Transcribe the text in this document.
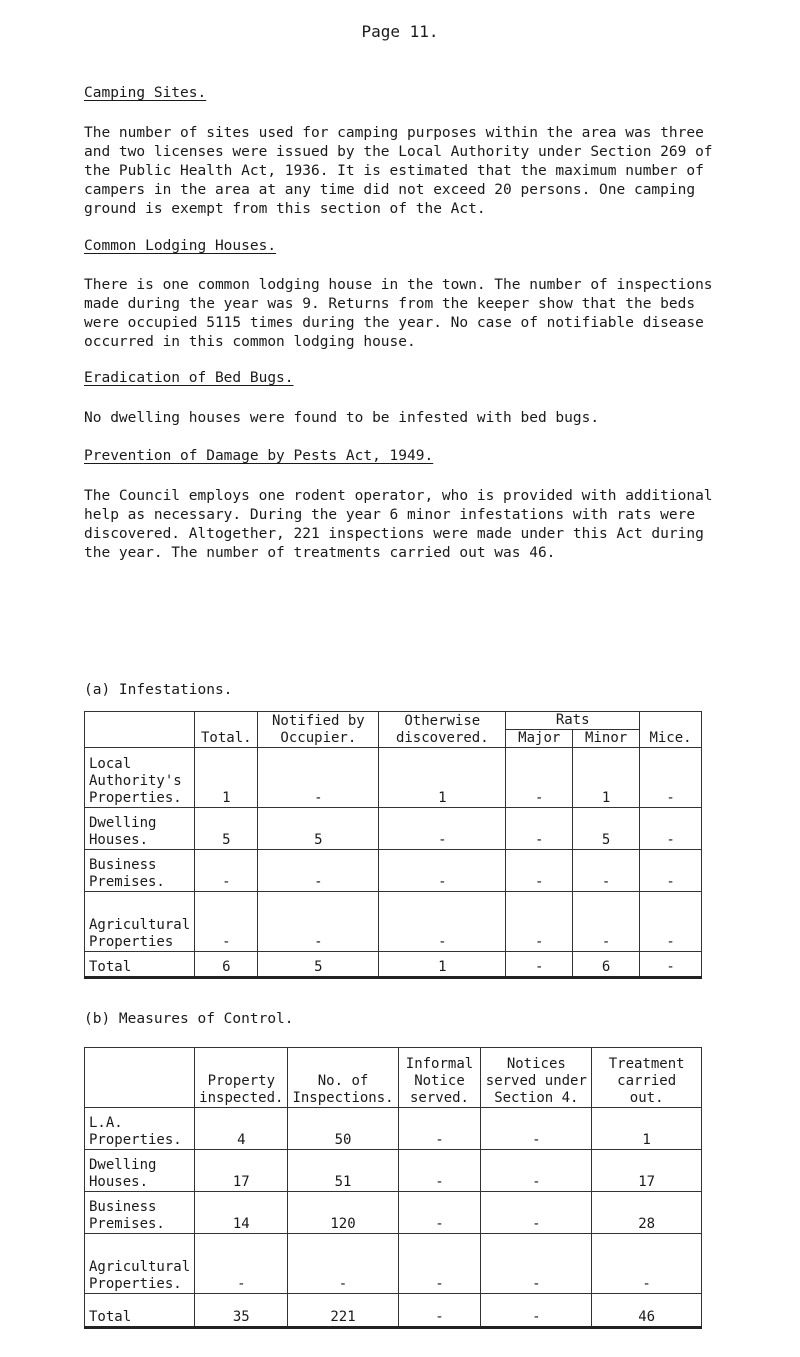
Page 11.
Camping Sites.

The number of sites used for camping purposes within the area was three and two licenses were issued by the Local Authority under Section 269 of the Public Health Act, 1936. It is estimated that the maximum number of campers in the area at any time did not exceed 20 persons. One camping ground is exempt from this section of the Act.

Common Lodging Houses.

There is one common lodging house in the town. The number of inspections made during the year was 9. Returns from the keeper show that the beds were occupied 5115 times during the year. No case of notifiable disease occurred in this common lodging house.

Eradication of Bed Bugs.

No dwelling houses were found to be infested with bed bugs.

Prevention of Damage by Pests Act, 1949.

The Council employs one rodent operator, who is provided with additional help as necessary. During the year 6 minor infestations with rats were discovered. Altogether, 221 inspections were made under this Act during the year. The number of treatments carried out was 46.

(a) Infestations.
	Total.	Notified by Occupier.	Otherwise discovered.	Rats		Mice.
				Major	Minor	
Local Authority's Properties.	1	-	1	-	1	-
Dwelling Houses.	5	5	-	-	5	-
Business Premises.	-	-	-	-	-	-
Agricultural Properties	-	-	-	-	-	-
Total	6	5	1	-	6	-
(b) Measures of Control.
	Property inspected.	No. of Inspections.	Informal Notice served.	Notices served under Section 4.	Treatment carried out.
L.A. Properties.	4	50	-	-	1
Dwelling Houses.	17	51	-	-	17
Business Premises.	14	120	-	-	28
Agricultural Properties.	-	-	-	-	-
Total	35	221	-	-	46
